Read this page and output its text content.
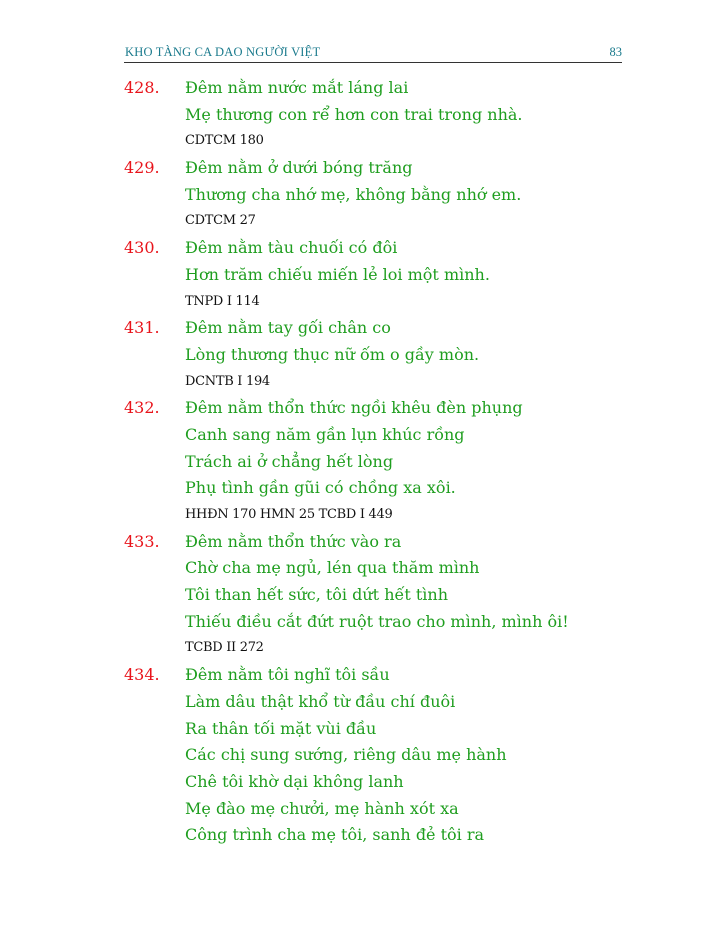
KHO TÀNG CA DAO NGƯỜI VIỆT	83
428. Đêm nằm nước mắt láng lai
Mẹ thương con rể hơn con trai trong nhà.
CDTCM 180
429. Đêm nằm ở dưới bóng trăng
Thương cha nhớ mẹ, không bằng nhớ em.
CDTCM 27
430. Đêm nằm tàu chuối có đôi
Hơn trăm chiếu miến lẻ loi một mình.
TNPD I 114
431. Đêm nằm tay gối chân co
Lòng thương thục nữ ốm o gầy mòn.
DCNTB I 194
432. Đêm nằm thổn thức ngồi khêu đèn phụng
Canh sang năm gần lụn khúc rồng
Trách ai ở chẳng hết lòng
Phụ tình gần gũi có chồng xa xôi.
HHĐN 170 HMN 25 TCBD I 449
433. Đêm nằm thổn thức vào ra
Chờ cha mẹ ngủ, lén qua thăm mình
Tôi than hết sức, tôi dứt hết tình
Thiếu điều cắt đứt ruột trao cho mình, mình ôi!
TCBD II 272
434. Đêm nằm tôi nghĩ tôi sầu
Làm dâu thật khổ từ đầu chí đuôi
Ra thân tối mặt vùi đầu
Các chị sung sướng, riêng dâu mẹ hành
Chê tôi khờ dại không lanh
Mẹ đào mẹ chưởi, mẹ hành xót xa
Công trình cha mẹ tôi, sanh đẻ tôi ra
